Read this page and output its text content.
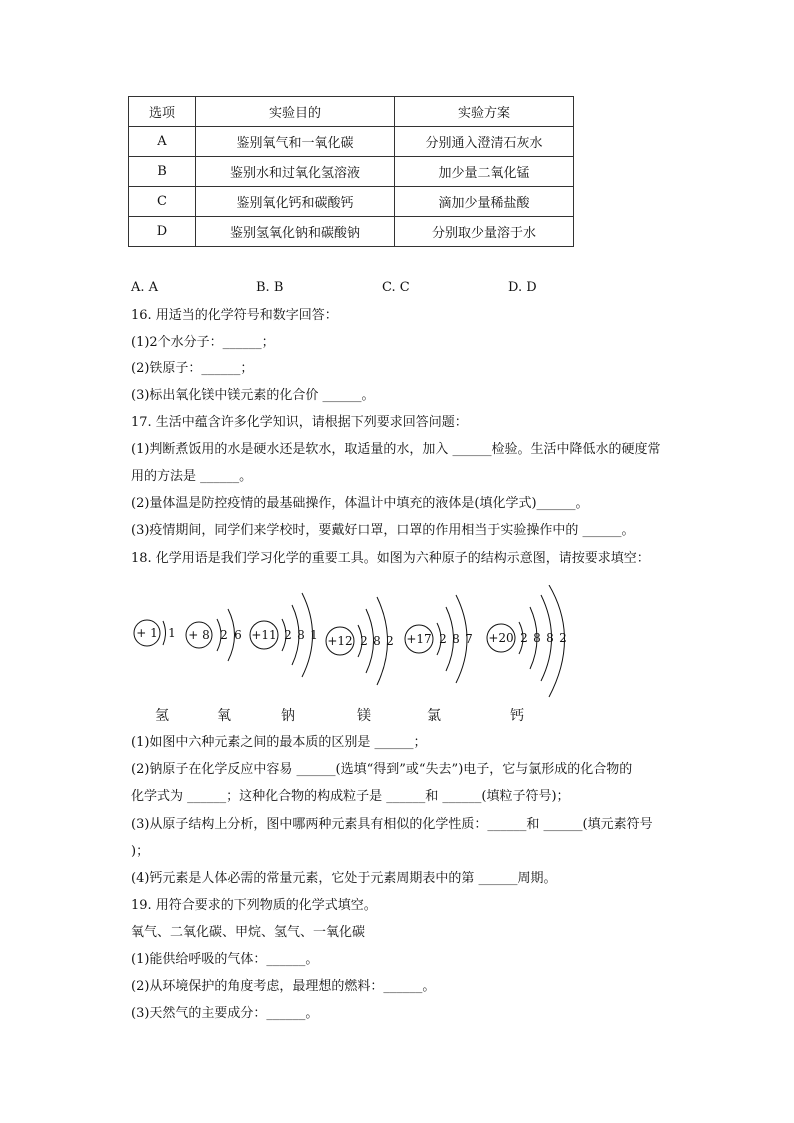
选项	实验目的	实验方案
A	鉴别氧气和一氧化碳	分别通入澄清石灰水
B	鉴别水和过氧化氢溶液	加少量二氧化锰
C	鉴别氧化钙和碳酸钙	滴加少量稀盐酸
D	鉴别氢氧化钠和碳酸钠	分别取少量溶于水
A. A	B. B	C. C	D. D
16. 用适当的化学符号和数字回答：
(1)2个水分子：______；
(2)铁原子：______；
(3)标出氧化镁中镁元素的化合价 ______。
17. 生活中蕴含许多化学知识，请根据下列要求回答问题：
(1)判断煮饭用的水是硬水还是软水，取适量的水，加入 ______检验。生活中降低水的硬度常
用的方法是 ______。
(2)量体温是防控疫情的最基础操作，体温计中填充的液体是(填化学式)______。
(3)疫情期间，同学们来学校时，要戴好口罩，口罩的作用相当于实验操作中的 ______。
18. 化学用语是我们学习化学的重要工具。如图为六种原子的结构示意图，请按要求填空：
+ 1 1 + 8 2 6 +11 2 8 1 +12 2 8 2 +17 2 8 7 +20 2 8 8 2
氢	氧	钠	镁	氯	钙
(1)如图中六种元素之间的最本质的区别是 ______；
(2)钠原子在化学反应中容易 ______(选填“得到”或“失去”)电子，它与氯形成的化合物的
化学式为 ______；这种化合物的构成粒子是 ______和 ______(填粒子符号)；
(3)从原子结构上分析，图中哪两种元素具有相似的化学性质：______和 ______(填元素符号
)；
(4)钙元素是人体必需的常量元素，它处于元素周期表中的第 ______周期。
19. 用符合要求的下列物质的化学式填空。
氧气、二氧化碳、甲烷、氢气、一氧化碳
(1)能供给呼吸的气体：______。
(2)从环境保护的角度考虑，最理想的燃料：______。
(3)天然气的主要成分：______。
